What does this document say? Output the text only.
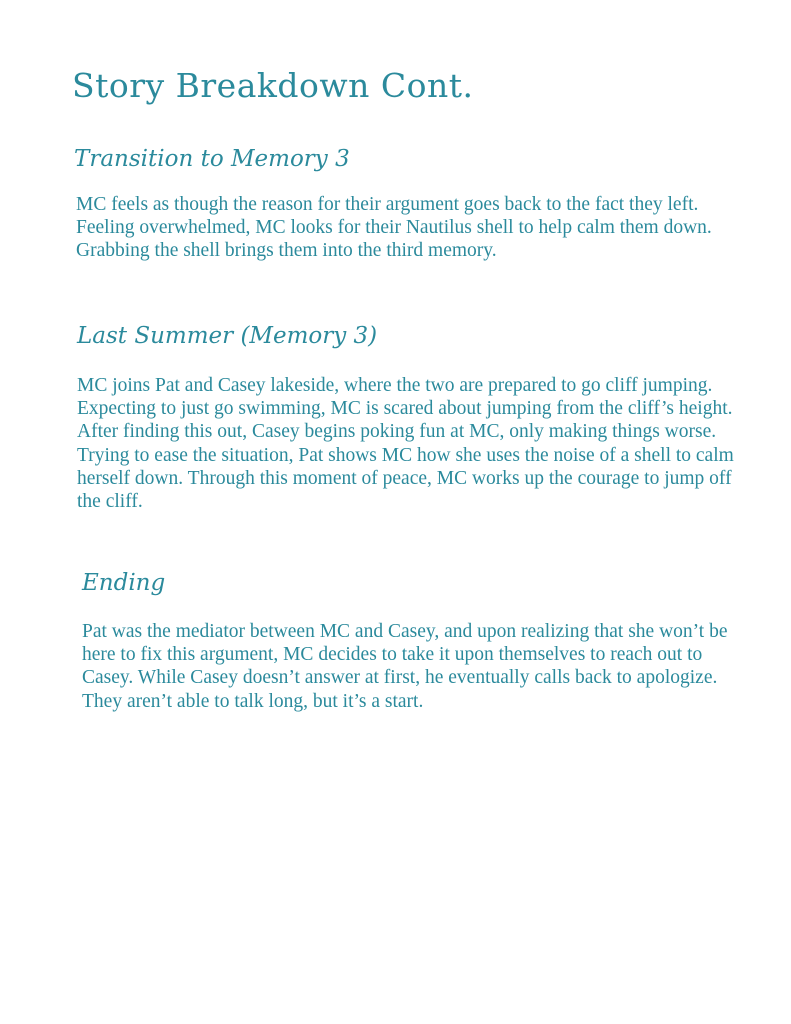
Story Breakdown Cont.
Transition to Memory 3

MC feels as though the reason for their argument goes back to the fact they left. Feeling overwhelmed, MC looks for their Nautilus shell to help calm them down. Grabbing the shell brings them into the third memory.

Last Summer (Memory 3)

MC joins Pat and Casey lakeside, where the two are prepared to go cliff jumping. Expecting to just go swimming, MC is scared about jumping from the cliff’s height. After finding this out, Casey begins poking fun at MC, only making things worse. Trying to ease the situation, Pat shows MC how she uses the noise of a shell to calm herself down. Through this moment of peace, MC works up the courage to jump off the cliff.

Ending

Pat was the mediator between MC and Casey, and upon realizing that she won’t be here to fix this argument, MC decides to take it upon themselves to reach out to Casey. While Casey doesn’t answer at first, he eventually calls back to apologize. They aren’t able to talk long, but it’s a start.
